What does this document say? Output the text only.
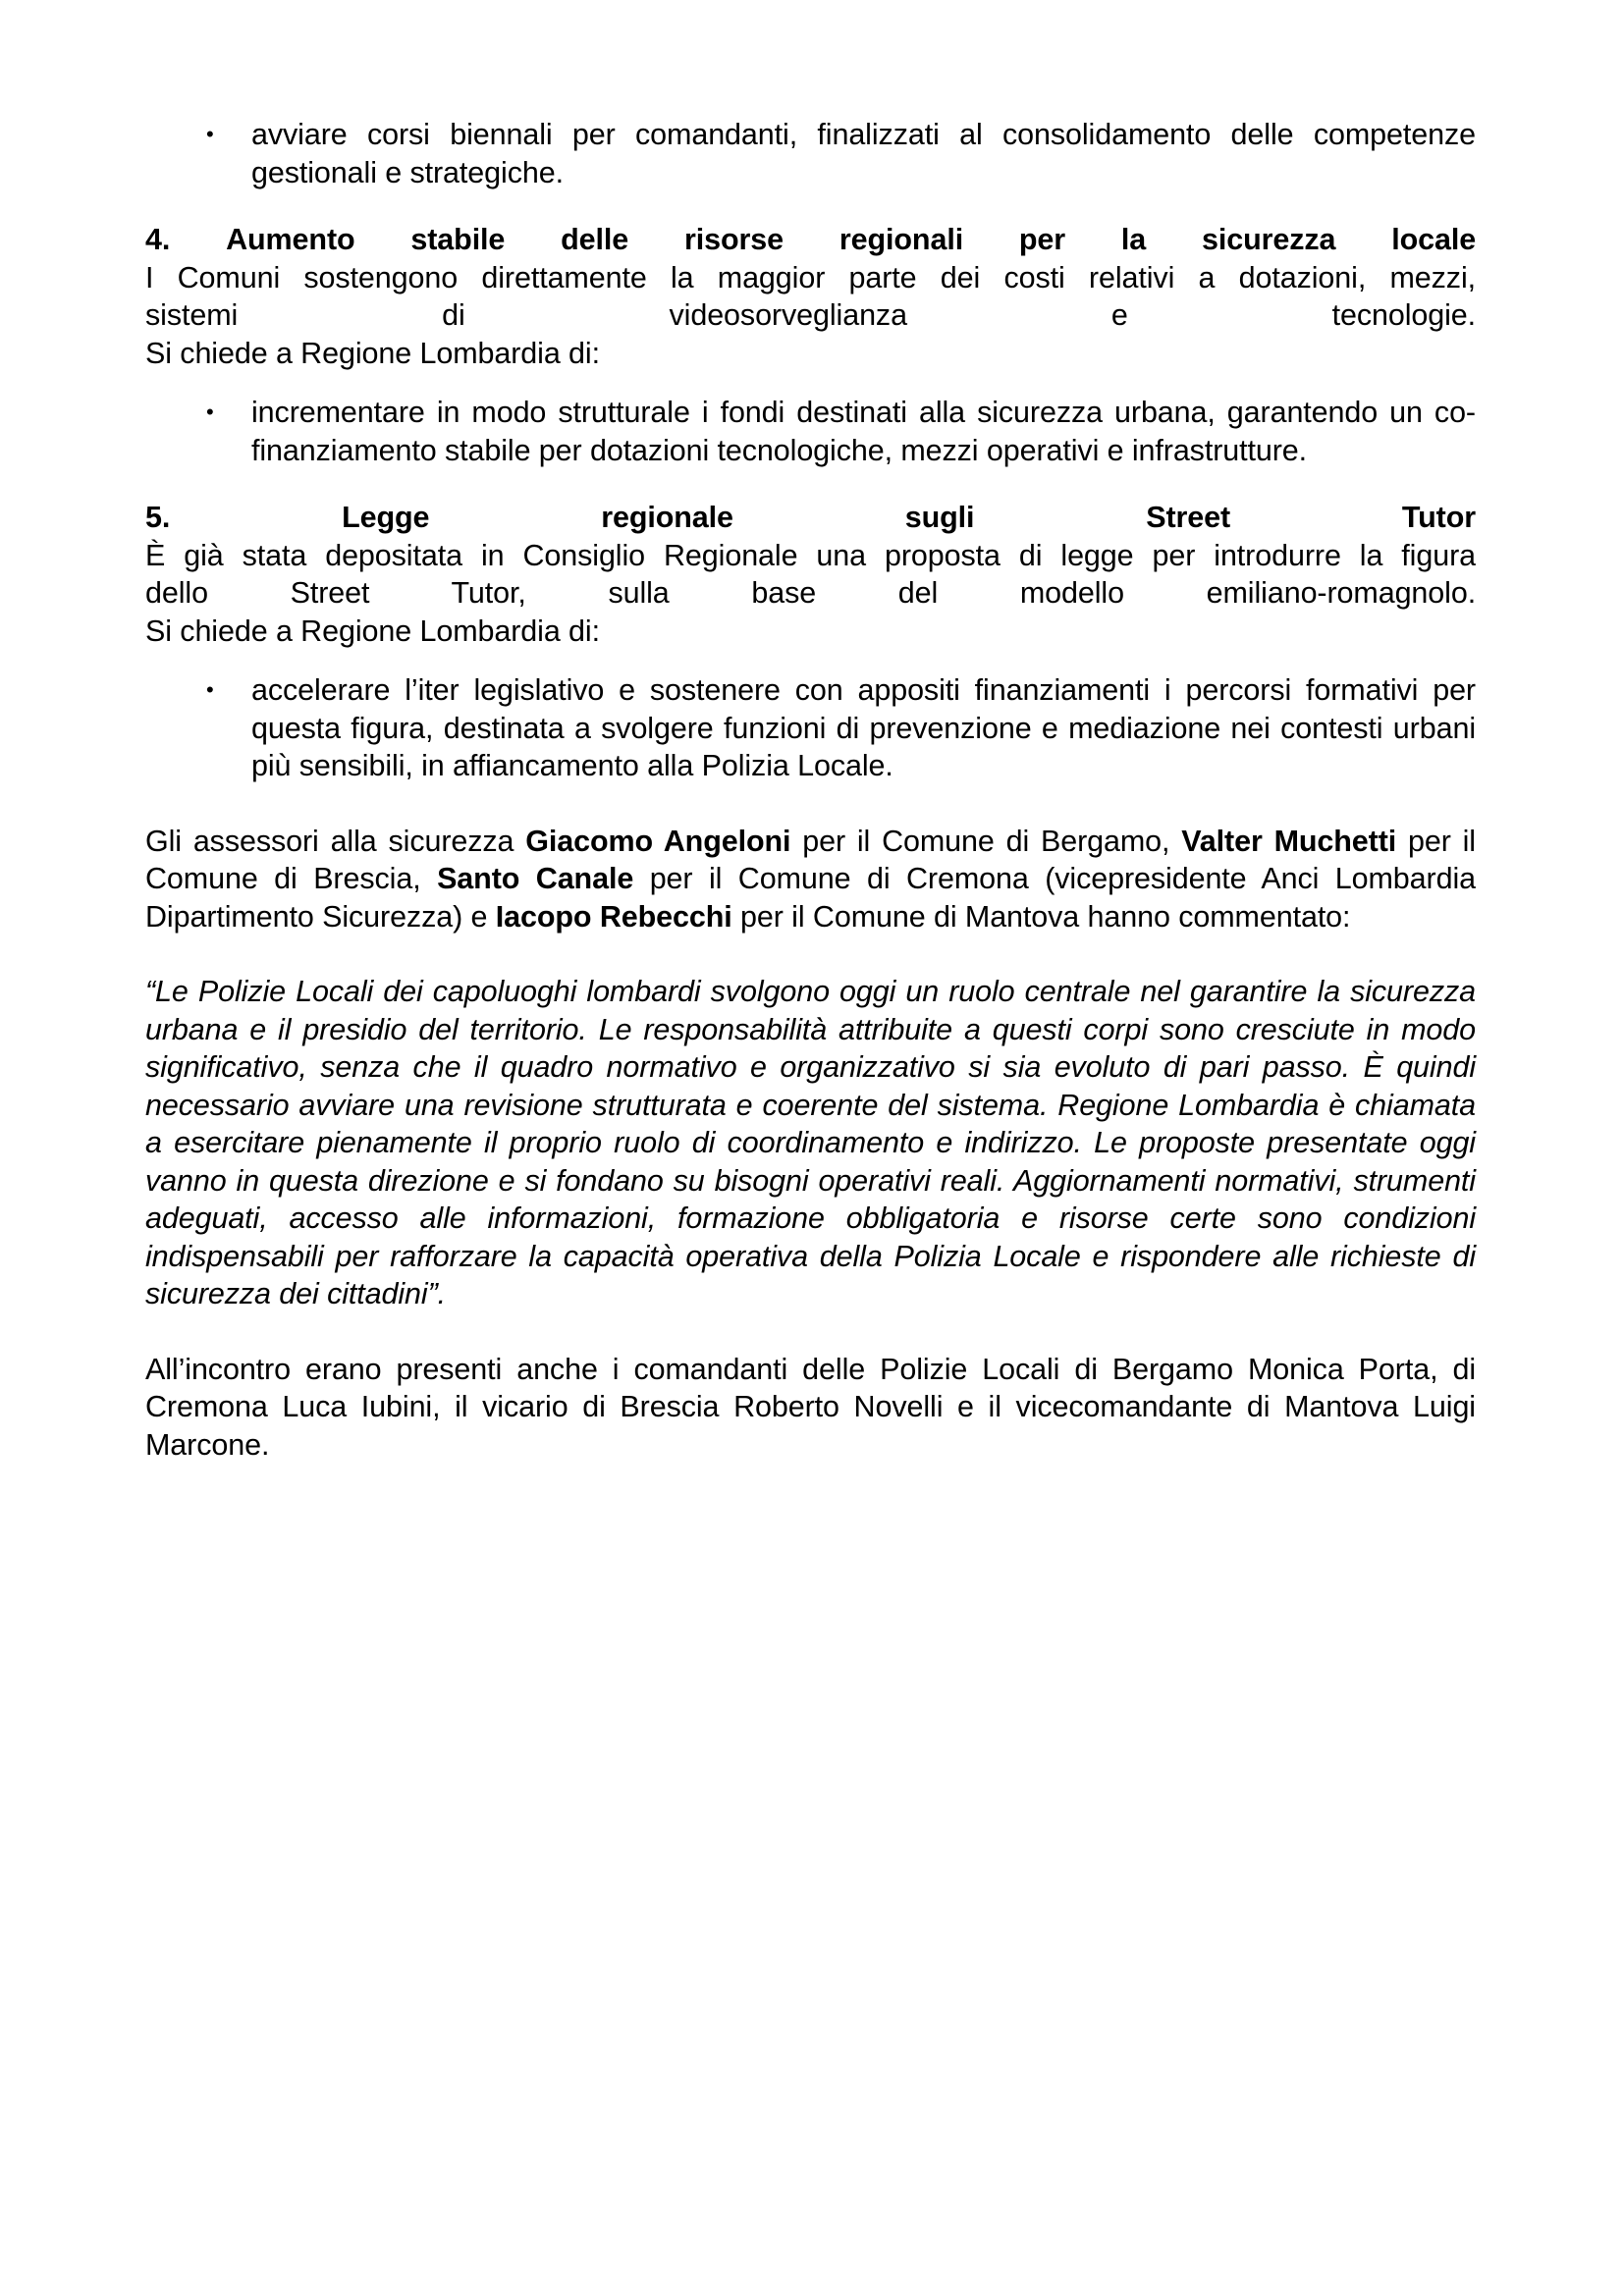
•
avviare corsi biennali per comandanti, finalizzati al consolidamento delle competenze gestionali e strategiche.
4. Aumento stabile delle risorse regionali per la sicurezza locale

I Comuni sostengono direttamente la maggior parte dei costi relativi a dotazioni, mezzi,
sistemi	di	videosorveglianza	e	tecnologie.
Si chiede a Regione Lombardia di:

•
incrementare in modo strutturale i fondi destinati alla sicurezza urbana, garantendo un co-finanziamento stabile per dotazioni tecnologiche, mezzi operativi e infrastrutture.
5.	Legge	regionale	sugli	Street	Tutor

È già stata depositata in Consiglio Regionale una proposta di legge per introdurre la figura
dello	Street	Tutor,	sulla	base	del	modello	emiliano-romagnolo.
Si chiede a Regione Lombardia di:

•
accelerare l’iter legislativo e sostenere con appositi finanziamenti i percorsi formativi per questa figura, destinata a svolgere funzioni di prevenzione e mediazione nei contesti urbani più sensibili, in affiancamento alla Polizia Locale.

Gli assessori alla sicurezza Giacomo Angeloni per il Comune di Bergamo, Valter Muchetti per il Comune di Brescia, Santo Canale per il Comune di Cremona (vicepresidente Anci Lombardia Dipartimento Sicurezza) e Iacopo Rebecchi per il Comune di Mantova hanno commentato:

“Le Polizie Locali dei capoluoghi lombardi svolgono oggi un ruolo centrale nel garantire la sicurezza urbana e il presidio del territorio. Le responsabilità attribuite a questi corpi sono cresciute in modo significativo, senza che il quadro normativo e organizzativo si sia evoluto di pari passo. È quindi necessario avviare una revisione strutturata e coerente del sistema. Regione Lombardia è chiamata a esercitare pienamente il proprio ruolo di coordinamento e indirizzo. Le proposte presentate oggi vanno in questa direzione e si fondano su bisogni operativi reali. Aggiornamenti normativi, strumenti adeguati, accesso alle informazioni, formazione obbligatoria e risorse certe sono condizioni indispensabili per rafforzare la capacità operativa della Polizia Locale e rispondere alle richieste di sicurezza dei cittadini”.

All’incontro erano presenti anche i comandanti delle Polizie Locali di Bergamo Monica Porta, di Cremona Luca Iubini, il vicario di Brescia Roberto Novelli e il vicecomandante di Mantova Luigi Marcone.
